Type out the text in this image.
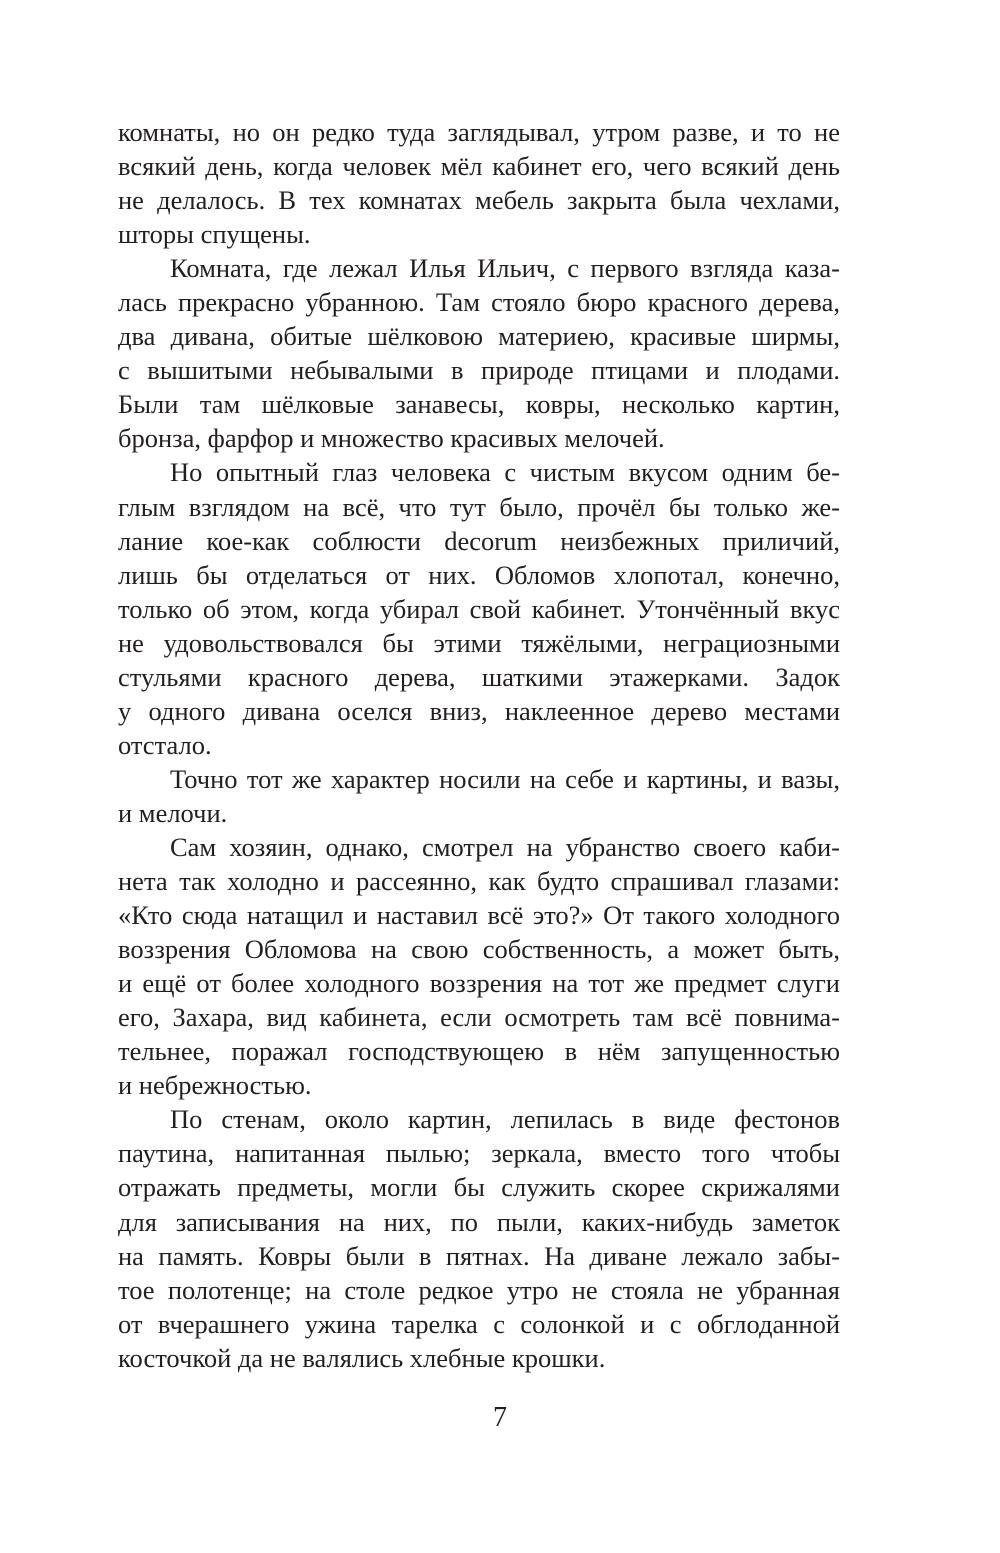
комнаты, но он редко туда заглядывал, утром разве, и то не
всякий день, когда человек мёл кабинет его, чего всякий день
не делалось. В тех комнатах мебель закрыта была чехлами,
шторы спущены.

Комната, где лежал Илья Ильич, с первого взгляда каза-
лась прекрасно убранною. Там стояло бюро красного дерева,
два дивана, обитые шёлковою материею, красивые ширмы,
с вышитыми небывалыми в природе птицами и плодами.
Были там шёлковые занавесы, ковры, несколько картин,
бронза, фарфор и множество красивых мелочей.

Но опытный глаз человека с чистым вкусом одним бе-
глым взглядом на всё, что тут было, прочёл бы только же-
лание кое-как соблюсти decorum неизбежных приличий,
лишь бы отделаться от них. Обломов хлопотал, конечно,
только об этом, когда убирал свой кабинет. Утончённый вкус
не удовольствовался бы этими тяжёлыми, неграциозными
стульями красного дерева, шаткими этажерками. Задок
у одного дивана оселся вниз, наклеенное дерево местами
отстало.

Точно тот же характер носили на себе и картины, и вазы,
и мелочи.

Сам хозяин, однако, смотрел на убранство своего каби-
нета так холодно и рассеянно, как будто спрашивал глазами:
«Кто сюда натащил и наставил всё это?» От такого холодного
воззрения Обломова на свою собственность, а может быть,
и ещё от более холодного воззрения на тот же предмет слуги
его, Захара, вид кабинета, если осмотреть там всё повнима-
тельнее, поражал господствующею в нём запущенностью
и небрежностью.

По стенам, около картин, лепилась в виде фестонов
паутина, напитанная пылью; зеркала, вместо того чтобы
отражать предметы, могли бы служить скорее скрижалями
для записывания на них, по пыли, каких-нибудь заметок
на память. Ковры были в пятнах. На диване лежало забы-
тое полотенце; на столе редкое утро не стояла не убранная
от вчерашнего ужина тарелка с солонкой и с обглоданной
косточкой да не валялись хлебные крошки.

7
